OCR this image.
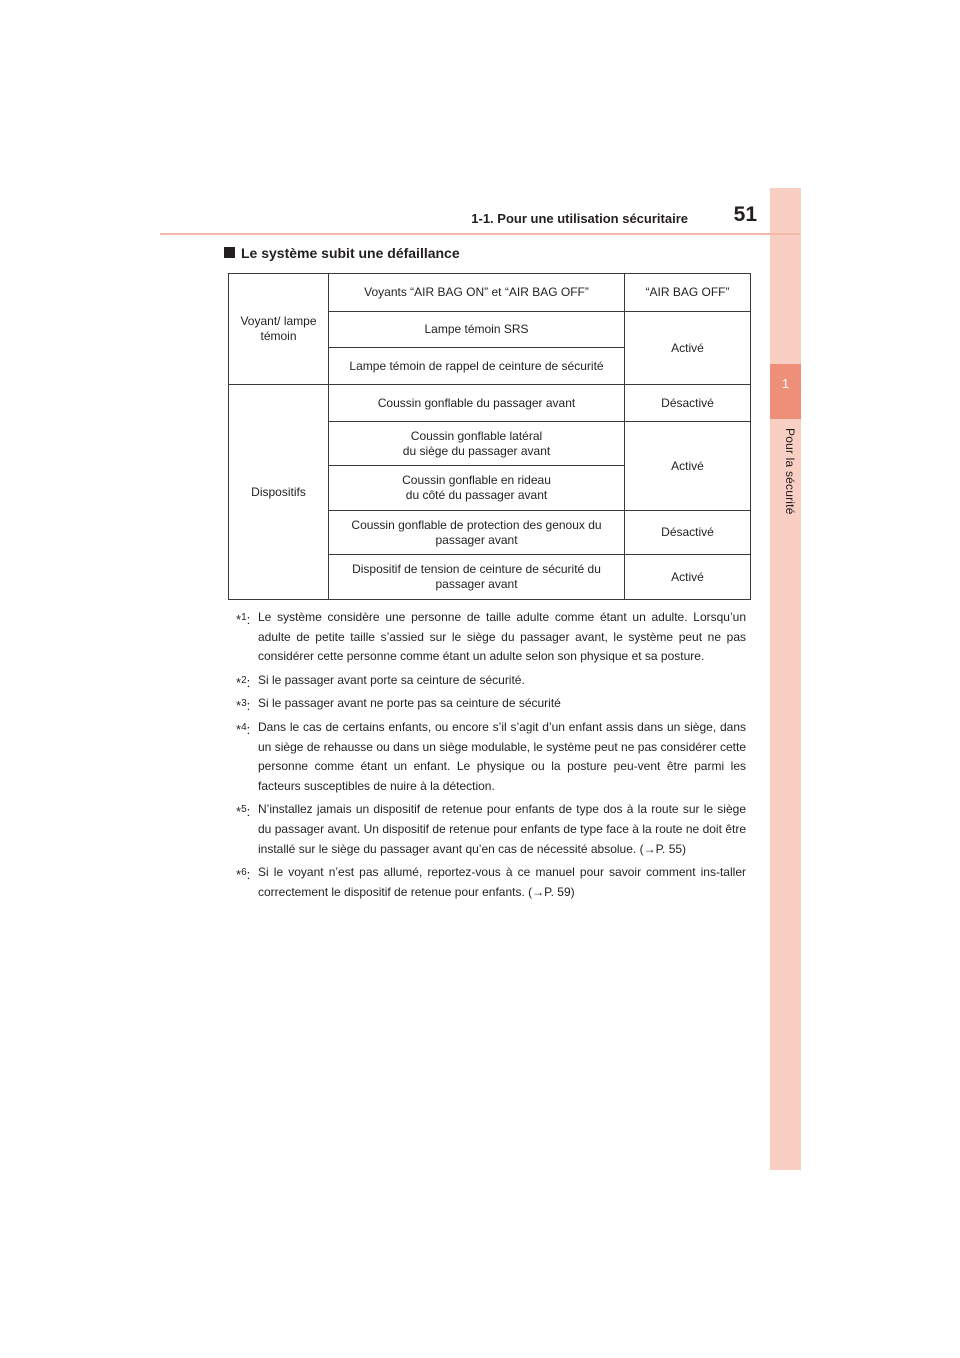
1
Pour la sécurité
1-1. Pour une utilisation sécuritaire	51
Le système subit une défaillance
Voyant/ lampe témoin	Voyants “AIR BAG ON” et “AIR BAG OFF”	“AIR BAG OFF”
	Lampe témoin SRS	Activé
	Lampe témoin de rappel de ceinture de sécurité	
Dispositifs	Coussin gonflable du passager avant	Désactivé

	Coussin gonflable latéral
du siège du passager avant	Activé

	Coussin gonflable en rideau
du côté du passager avant	

	Coussin gonflable de protection des genoux du
passager avant	Désactivé

	Dispositif de tension de ceinture de sécurité du
passager avant	Activé
*$^1$: Le système considère une personne de taille adulte comme étant un adulte. Lorsqu’un adulte de petite taille s’assied sur le siège du passager avant, le système peut ne pas considérer cette personne comme étant un adulte selon son physique et sa posture.
*$^2$: Si le passager avant porte sa ceinture de sécurité.
*$^3$: Si le passager avant ne porte pas sa ceinture de sécurité
*$^4$: Dans le cas de certains enfants, ou encore s’il s’agit d’un enfant assis dans un siège, dans un siège de rehausse ou dans un siège modulable, le système peut ne pas considérer cette personne comme étant un enfant. Le physique ou la posture peu-vent être parmi les facteurs susceptibles de nuire à la détection.
*$^5$: N’installez jamais un dispositif de retenue pour enfants de type dos à la route sur le siège du passager avant. Un dispositif de retenue pour enfants de type face à la route ne doit être installé sur le siège du passager avant qu’en cas de nécessité absolue. (→P. 55)
*$^6$: Si le voyant n’est pas allumé, reportez-vous à ce manuel pour savoir comment ins-taller correctement le dispositif de retenue pour enfants. (→P. 59)
